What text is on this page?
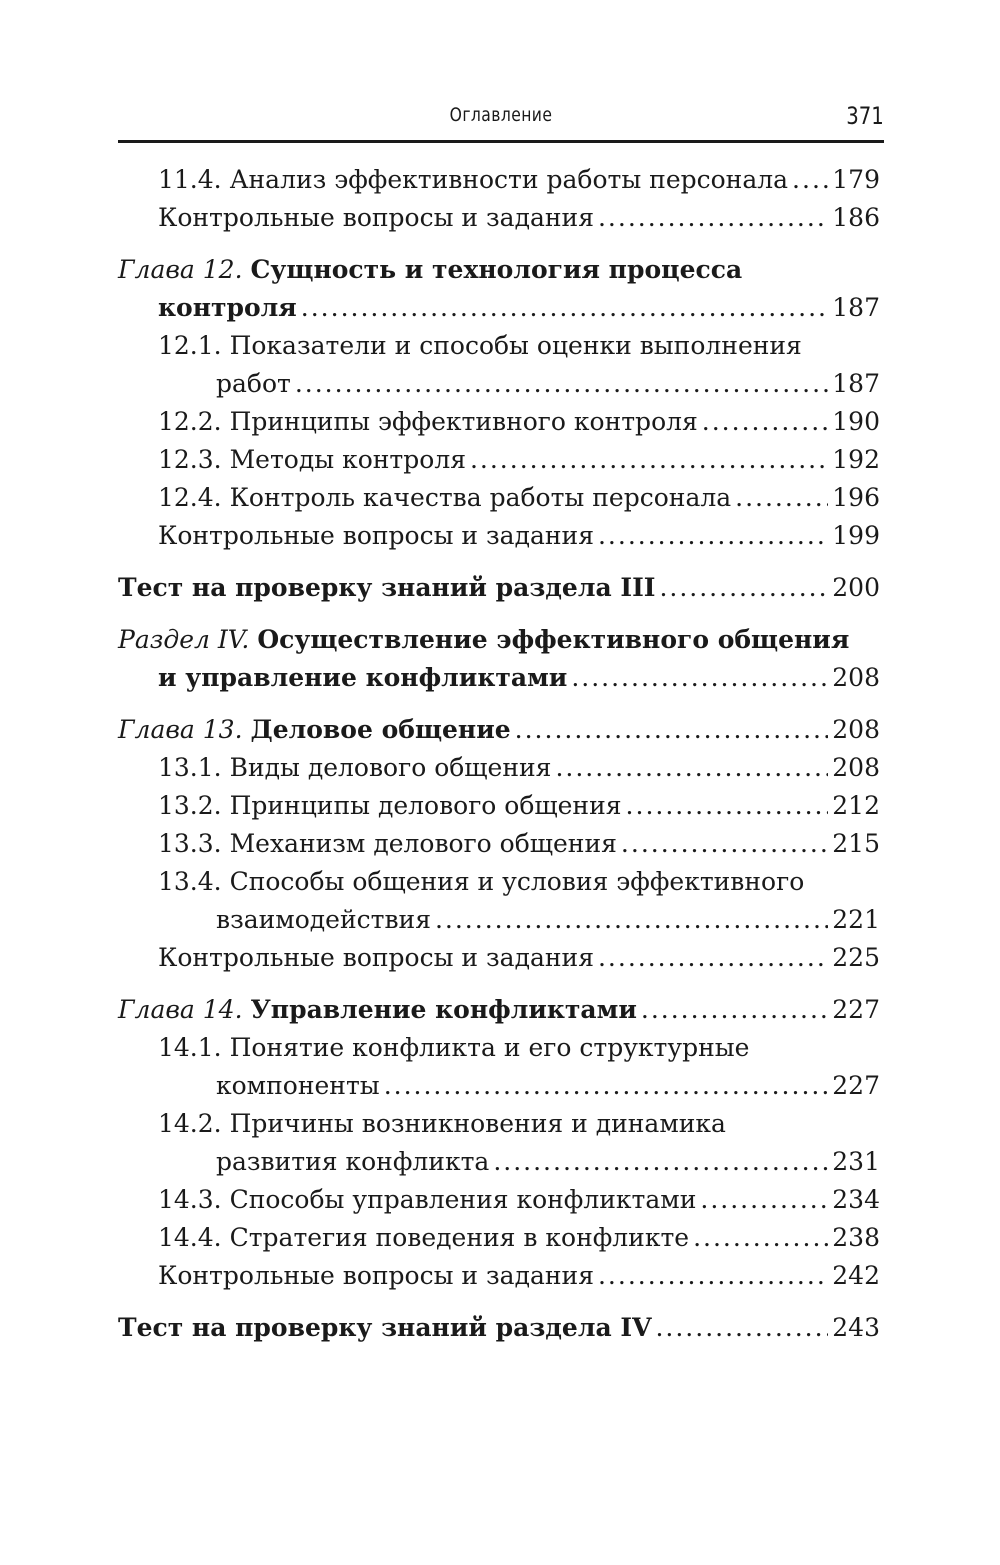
Оглавление	371
11.4. Анализ эффективности работы персонала ..... 179
Контрольные вопросы и задания .....	186
Глава 12. Сущность и технология процесса
контроля .....	187
12.1. Показатели и способы оценки выполнения
работ .....	187
12.2. Принципы эффективного контроля .....	190
12.3. Методы контроля .....	192
12.4. Контроль качества работы персонала .....	196
Контрольные вопросы и задания .....	199
Тест на проверку знаний раздела III .....	200
Раздел IV. Осуществление эффективного общения
и управление конфликтами .....	208
Глава 13. Деловое общение .....	208
13.1. Виды делового общения .....	208
13.2. Принципы делового общения .....	212
13.3. Механизм делового общения .....	215
13.4. Способы общения и условия эффективного
взаимодействия .....	221
Контрольные вопросы и задания .....	225
Глава 14. Управление конфликтами .....	227
14.1. Понятие конфликта и его структурные
компоненты .....	227
14.2. Причины возникновения и динамика
развития конфликта .....	231
14.3. Способы управления конфликтами .....	234
14.4. Стратегия поведения в конфликте .....	238
Контрольные вопросы и задания .....	242
Тест на проверку знаний раздела IV .....	243
